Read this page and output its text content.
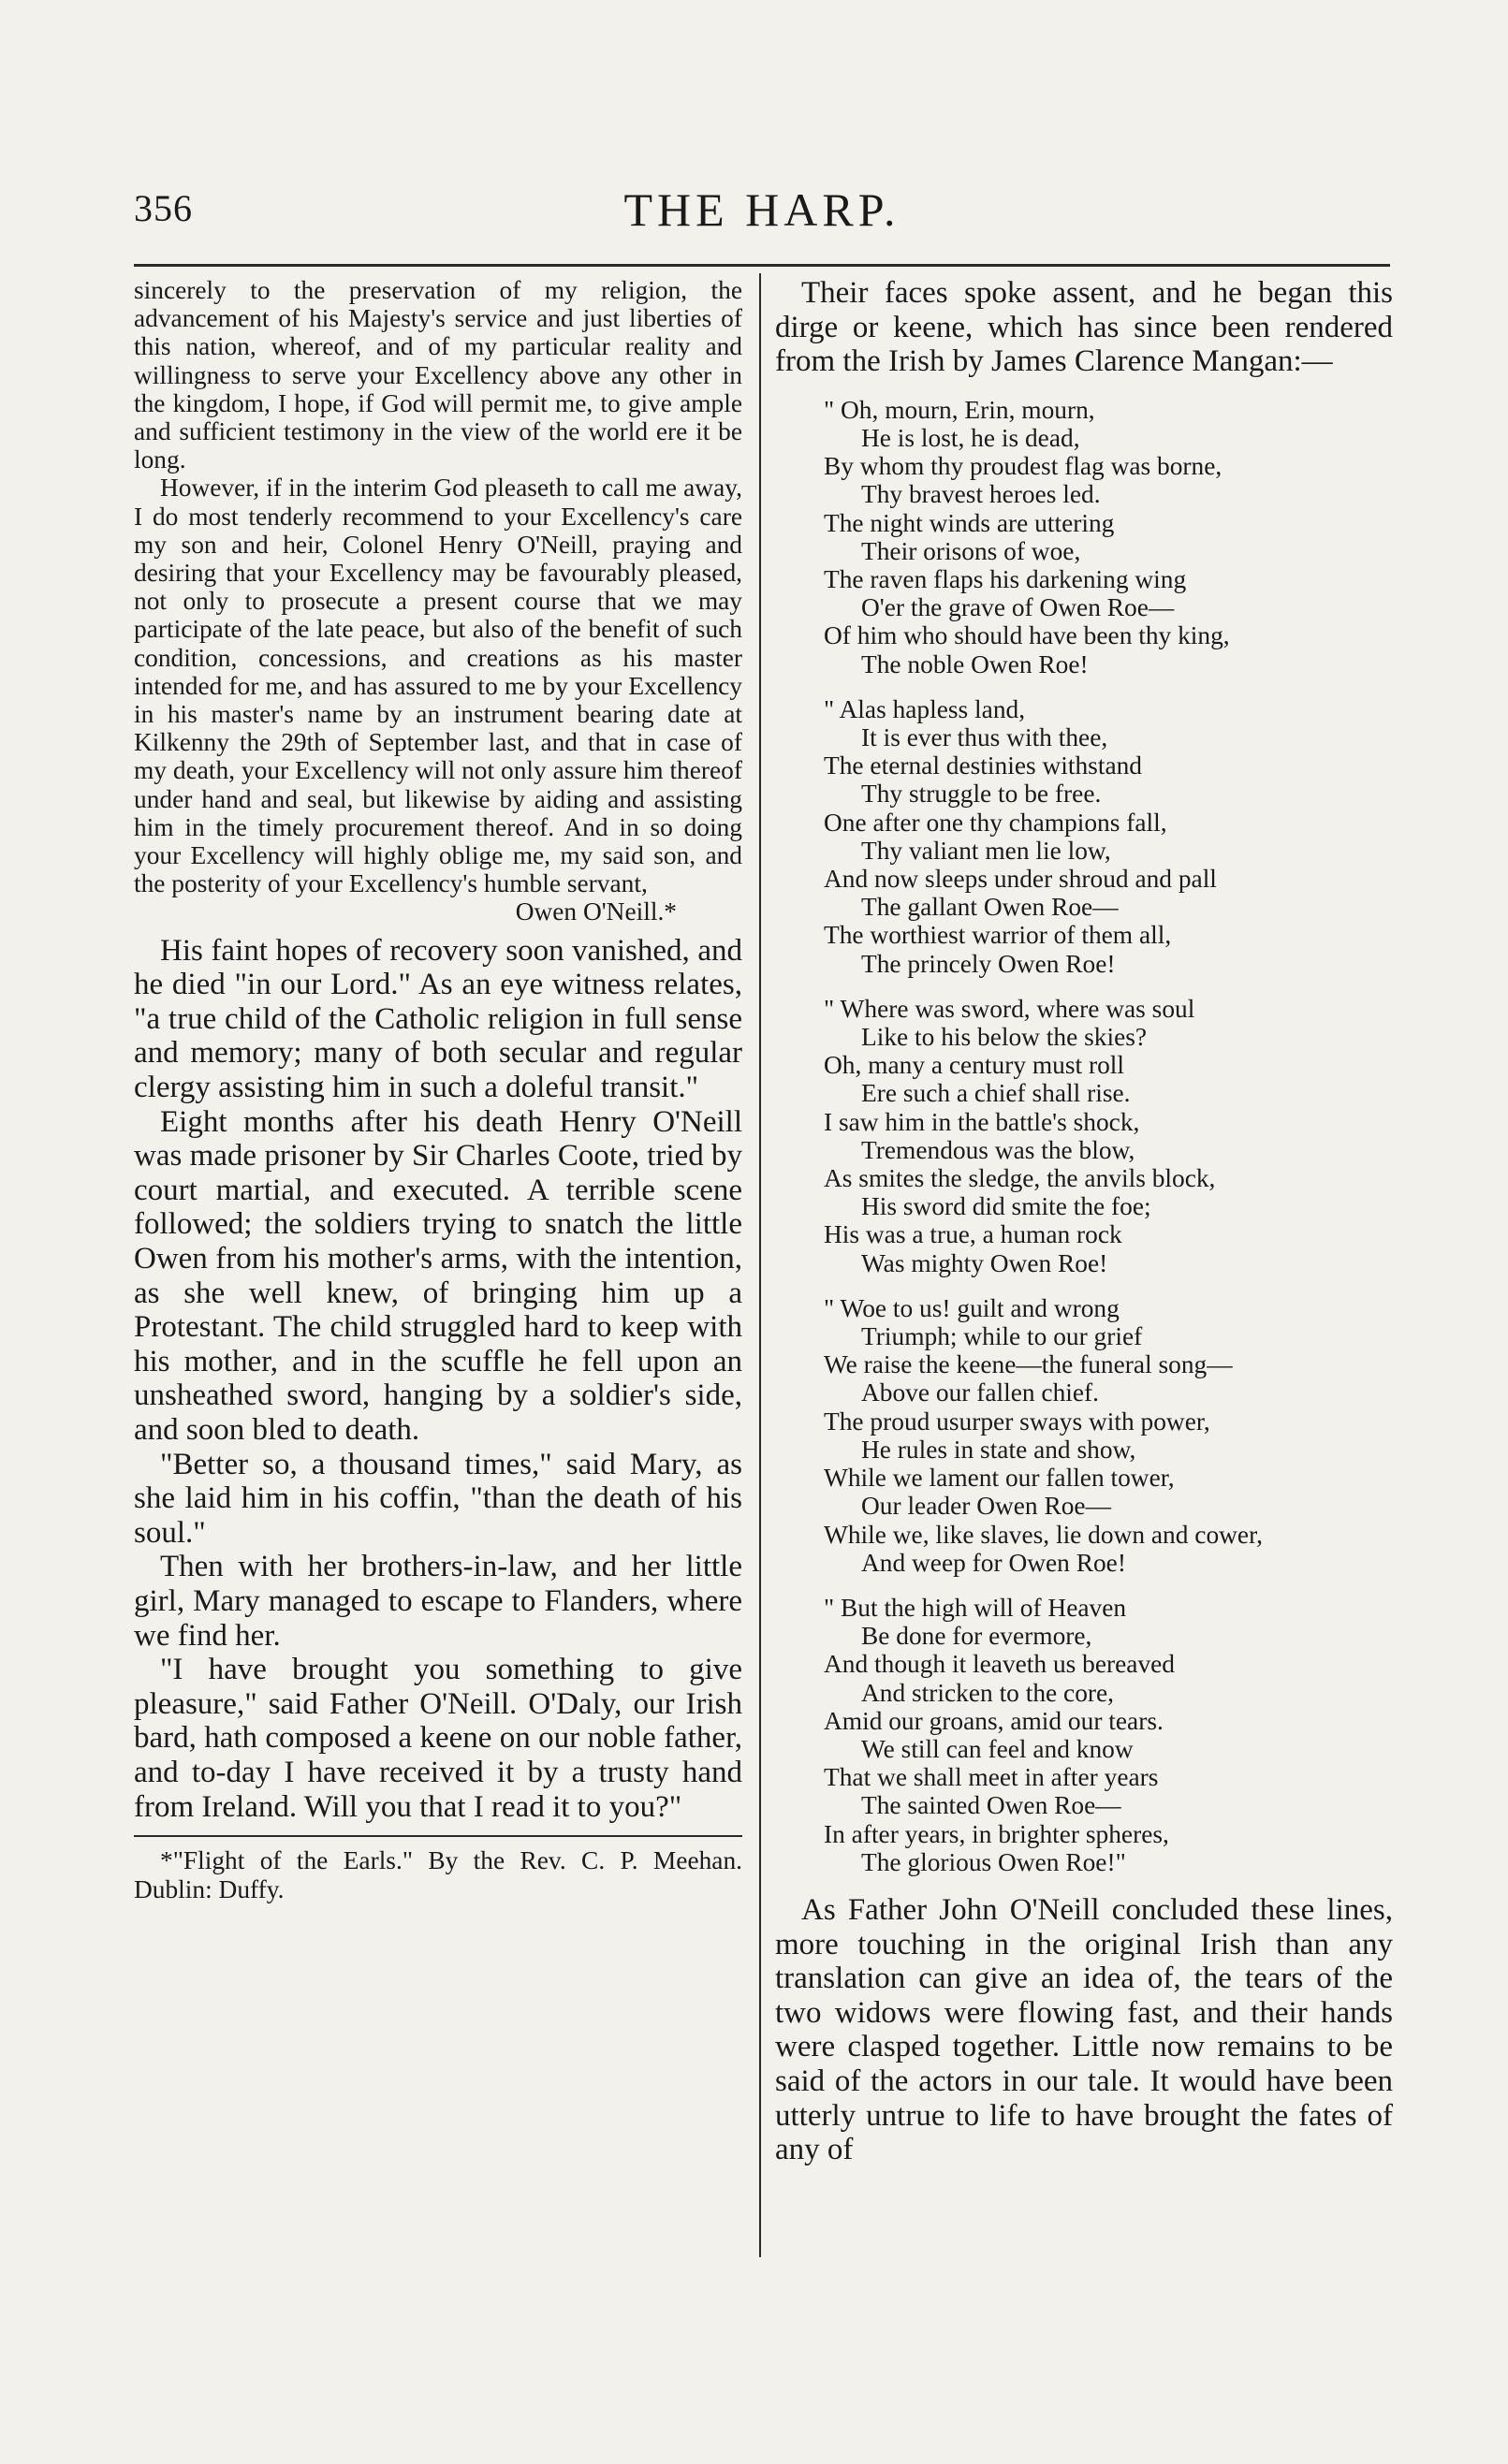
356	THE HARP.

sincerely to the preservation of my religion, the advancement of his Majesty's service and just liberties of this nation, whereof, and of my particular reality and willingness to serve your Excellency above any other in the kingdom, I hope, if God will permit me, to give ample and sufficient testimony in the view of the world ere it be long.

However, if in the interim God pleaseth to call me away, I do most tenderly recommend to your Excellency's care my son and heir, Colonel Henry O'Neill, praying and desiring that your Excellency may be favourably pleased, not only to prosecute a present course that we may participate of the late peace, but also of the benefit of such condition, concessions, and creations as his master intended for me, and has assured to me by your Excellency in his master's name by an instrument bearing date at Kilkenny the 29th of September last, and that in case of my death, your Excellency will not only assure him thereof under hand and seal, but likewise by aiding and assisting him in the timely procurement thereof. And in so doing your Excellency will highly oblige me, my said son, and the posterity of your Excellency's humble servant,

Owen O'Neill.*

His faint hopes of recovery soon vanished, and he died "in our Lord." As an eye witness relates, "a true child of the Catholic religion in full sense and memory; many of both secular and regular clergy assisting him in such a doleful transit."

Eight months after his death Henry O'Neill was made prisoner by Sir Charles Coote, tried by court martial, and executed. A terrible scene followed; the soldiers trying to snatch the little Owen from his mother's arms, with the intention, as she well knew, of bringing him up a Protestant. The child struggled hard to keep with his mother, and in the scuffle he fell upon an unsheathed sword, hanging by a soldier's side, and soon bled to death.

"Better so, a thousand times," said Mary, as she laid him in his coffin, "than the death of his soul."

Then with her brothers-in-law, and her little girl, Mary managed to escape to Flanders, where we find her.

"I have brought you something to give pleasure," said Father O'Neill. O'Daly, our Irish bard, hath composed a keene on our noble father, and to-day I have received it by a trusty hand from Ireland. Will you that I read it to you?"

*"Flight of the Earls." By the Rev. C. P. Meehan. Dublin: Duffy.

Their faces spoke assent, and he began this dirge or keene, which has since been rendered from the Irish by James Clarence Mangan:—

" Oh, mourn, Erin, mourn,
He is lost, he is dead,
By whom thy proudest flag was borne,
Thy bravest heroes led.
The night winds are uttering
Their orisons of woe,
The raven flaps his darkening wing
O'er the grave of Owen Roe—
Of him who should have been thy king,
The noble Owen Roe!
" Alas hapless land,
It is ever thus with thee,
The eternal destinies withstand
Thy struggle to be free.
One after one thy champions fall,
Thy valiant men lie low,
And now sleeps under shroud and pall
The gallant Owen Roe—
The worthiest warrior of them all,
The princely Owen Roe!
" Where was sword, where was soul
Like to his below the skies?
Oh, many a century must roll
Ere such a chief shall rise.
I saw him in the battle's shock,
Tremendous was the blow,
As smites the sledge, the anvils block,
His sword did smite the foe;
His was a true, a human rock
Was mighty Owen Roe!
" Woe to us! guilt and wrong
Triumph; while to our grief
We raise the keene—the funeral song—
Above our fallen chief.
The proud usurper sways with power,
He rules in state and show,
While we lament our fallen tower,
Our leader Owen Roe—
While we, like slaves, lie down and cower,
And weep for Owen Roe!
" But the high will of Heaven
Be done for evermore,
And though it leaveth us bereaved
And stricken to the core,
Amid our groans, amid our tears.
We still can feel and know
That we shall meet in after years
The sainted Owen Roe—
In after years, in brighter spheres,
The glorious Owen Roe!"

As Father John O'Neill concluded these lines, more touching in the original Irish than any translation can give an idea of, the tears of the two widows were flowing fast, and their hands were clasped together. Little now remains to be said of the actors in our tale. It would have been utterly untrue to life to have brought the fates of any of
